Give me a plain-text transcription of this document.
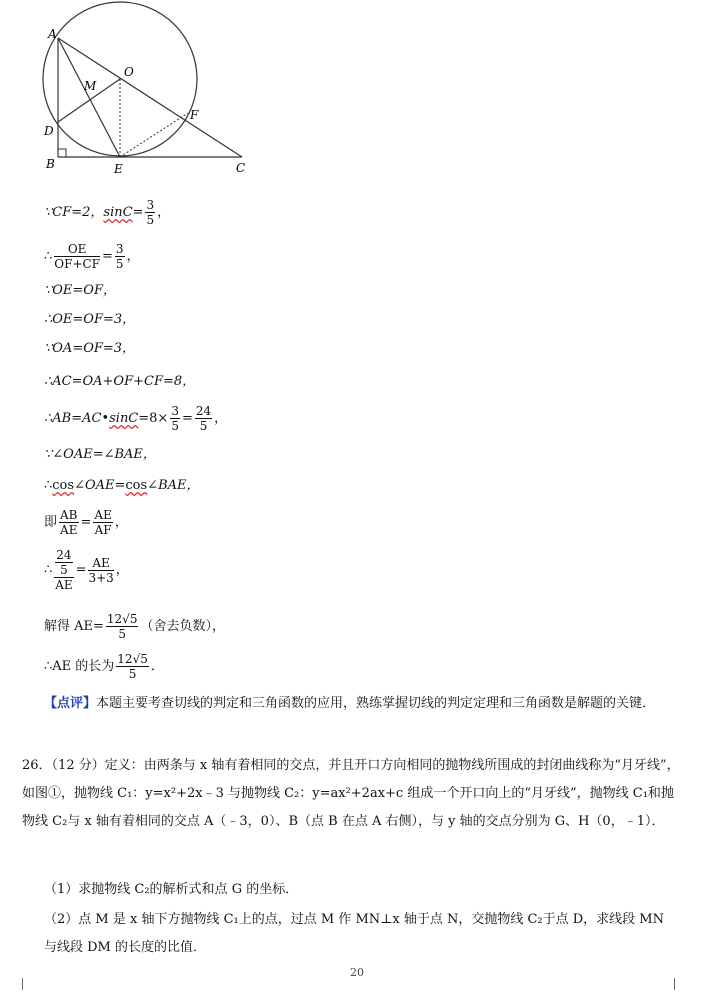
A
M
O
D
B	E
F
C
∵CF=2，$\sin C= \frac{3}{5}$ ，
∴ $\frac{OE}{OF+CF} = \frac{3}{5}$ ，
∵OE=OF，
∴OE=OF=3，
∵OA=OF=3，
∴AC=OA+OF+CF=8，
∴AB=AC•sinC=8× $\frac{3}{5} = \frac{24}{5}$ ，
∵∠OAE=∠BAE，
∴cos∠OAE=cos∠BAE，
即 $\frac{AB}{AE} = \frac{AE}{AF}$ ，
∴ $\frac{\frac{24}{5}}{AE} = \frac{AE}{3+3}$ ，
解得 $AE= \frac{12√5}{5}$ （舍去负数），
∴AE 的长为 $\frac{12√5}{5}$ ．
【点评】本题主要考查切线的判定和三角函数的应用，熟练掌握切线的判定定理和三角函数是解题的关键．
26．（12 分）定义：由两条与 x 轴有着相同的交点，并且开口方向相同的抛物线所围成的封闭曲线称为“月牙线”，如图①，抛物线 C₁：y=x²+2x﹣3 与抛物线 C₂：y=ax²+2ax+c 组成一个开口向上的“月牙线”，抛物线 C₁和抛物线 C₂与 x 轴有着相同的交点 A（﹣3，0）、B（点 B 在点 A 右侧），与 y 轴的交点分别为 G、H（0，﹣1）．
（1）求抛物线 C₂的解析式和点 G 的坐标．
（2）点 M 是 x 轴下方抛物线 C₁上的点，过点 M 作 MN⊥x 轴于点 N，交抛物线 C₂于点 D，求线段 MN 与线段 DM 的长度的比值．
20
